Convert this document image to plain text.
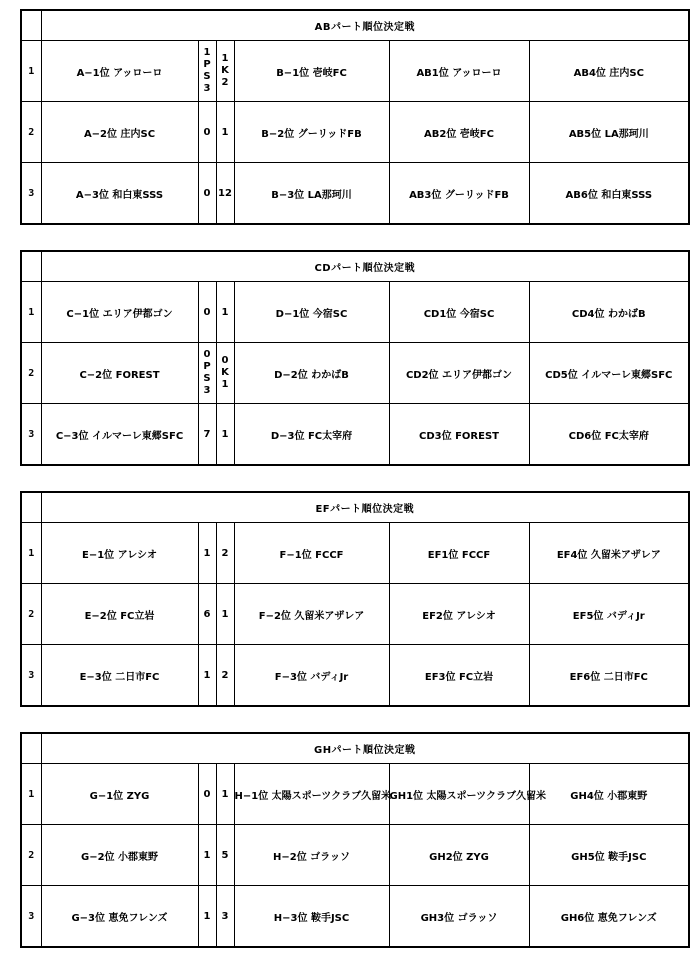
	ABパート順位決定戦					
1	A−1位 アッローロ	1PS3	1K2	B−1位 壱岐FC	AB1位 アッローロ	AB4位 庄内SC
2	A−2位 庄内SC	0	1	B−2位 グーリッドFB	AB2位 壱岐FC	AB5位 LA那珂川
3	A−3位 和白東SSS	0	12	B−3位 LA那珂川	AB3位 グーリッドFB	AB6位 和白東SSS
	CDパート順位決定戦					
1	C−1位 エリア伊都ゴン	0	1	D−1位 今宿SC	CD1位 今宿SC	CD4位 わかばB
2	C−2位 FOREST	0PS3	0K1	D−2位 わかばB	CD2位 エリア伊都ゴン	CD5位 イルマーレ東郷SFC
3	C−3位 イルマーレ東郷SFC	7	1	D−3位 FC太宰府	CD3位 FOREST	CD6位 FC太宰府
	EFパート順位決定戦					
1	E−1位 アレシオ	1	2	F−1位 FCCF	EF1位 FCCF	EF4位 久留米アザレア
2	E−2位 FC立岩	6	1	F−2位 久留米アザレア	EF2位 アレシオ	EF5位 バディJr
3	E−3位 二日市FC	1	2	F−3位 バディJr	EF3位 FC立岩	EF6位 二日市FC
	GHパート順位決定戦					
1	G−1位 ZYG	0	1	H−1位 太陽スポーツクラブ久留米	GH1位 太陽スポーツクラブ久留米	GH4位 小郡東野
2	G−2位 小郡東野	1	5	H−2位 ゴラッソ	GH2位 ZYG	GH5位 鞍手JSC
3	G−3位 恵免フレンズ	1	3	H−3位 鞍手JSC	GH3位 ゴラッソ	GH6位 恵免フレンズ
